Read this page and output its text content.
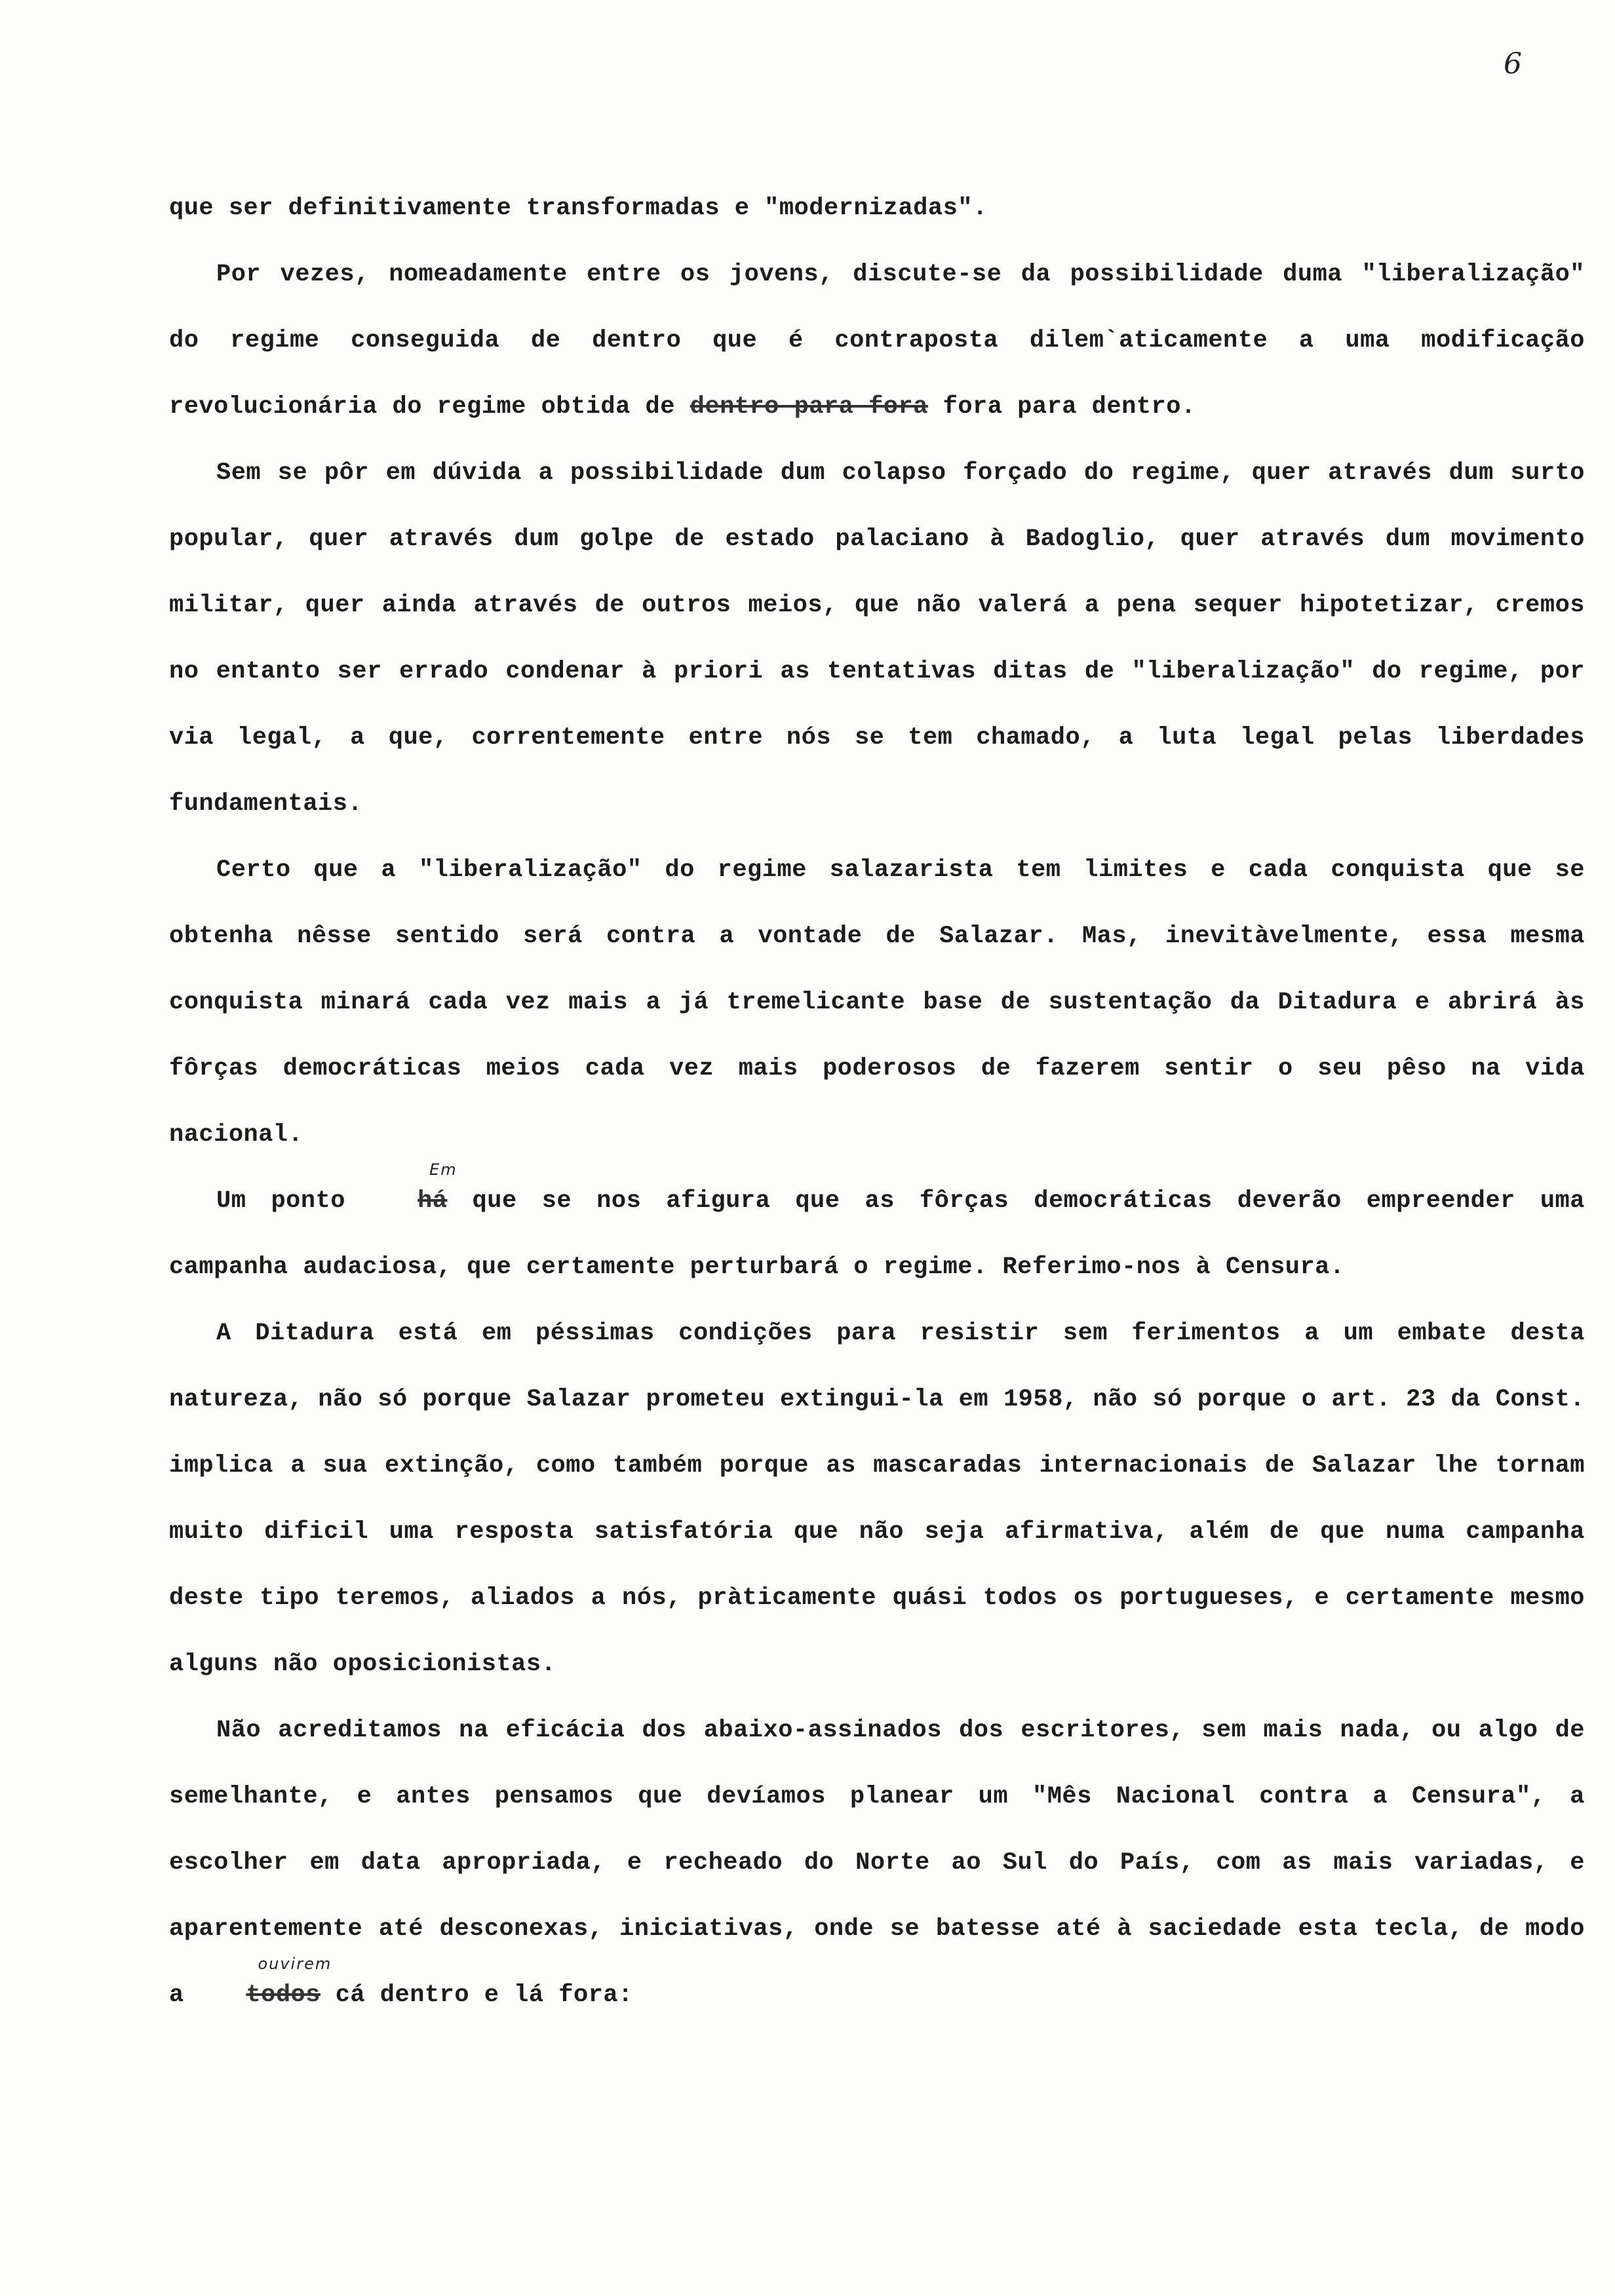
6

que ser definitivamente transformadas e "modernizadas".

Por vezes, nomeadamente entre os jovens, discute-se da possibilidade duma "liberalização" do regime conseguida de dentro que é contraposta dilem`aticamente a uma modificação revolucionária do regime obtida de dentro para fora fora para dentro.

Sem se pôr em dúvida a possibilidade dum colapso forçado do regime, quer através dum surto popular, quer através dum golpe de estado palaciano à Badoglio, quer através dum movimento militar, quer ainda através de outros meios, que não valerá a pena sequer hipotetizar, cremos no entanto ser errado condenar à priori as tentativas ditas de "liberalização" do regime, por via legal, a que, correntemente entre nós se tem chamado, a luta legal pelas liberdades fundamentais.

Certo que a "liberalização" do regime salazarista tem limites e cada conquista que se obtenha nêsse sentido será contra a vontade de Salazar. Mas, inevitàvelmente, essa mesma conquista minará cada vez mais a já tremelicante base de sustentação da Ditadura e abrirá às fôrças democráticas meios cada vez mais poderosos de fazerem sentir o seu pêso na vida nacional.

Um ponto
Em
há que se nos afigura que as fôrças democráticas deverão empreender uma campanha audaciosa, que certamente perturbará o regime. Referimo-nos à Censura.

A Ditadura está em péssimas condições para resistir sem ferimentos a um embate desta natureza, não só porque Salazar prometeu extingui-la em 1958, não só porque o art. 23 da Const. implica a sua extinção, como também porque as mascaradas internacionais de Salazar lhe tornam muito dificil uma resposta satisfatória que não seja afirmativa, além de que numa campanha deste tipo teremos, aliados a nós, pràticamente quási todos os portugueses, e certamente mesmo alguns não oposicionistas.

Não acreditamos na eficácia dos abaixo-assinados dos escritores, sem mais nada, ou algo de semelhante, e antes pensamos que devíamos planear um "Mês Nacional contra a Censura", a escolher em data apropriada, e recheado do Norte ao Sul do País, com as mais variadas, e aparentemente até desconexas, iniciativas, onde se batesse até à saciedade esta tecla, de modo a
ouvirem
todos cá dentro e lá fora:
